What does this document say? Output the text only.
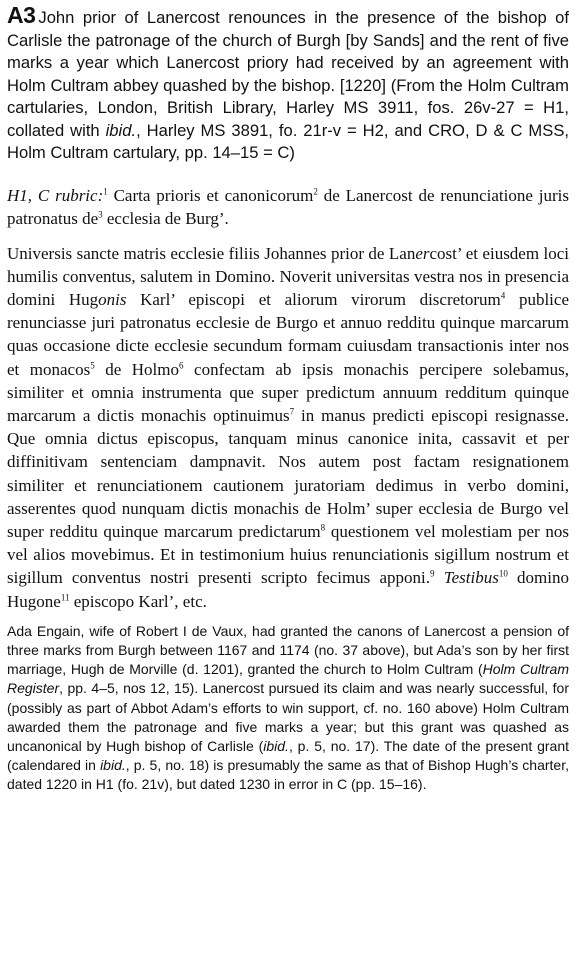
A3 John prior of Lanercost renounces in the presence of the bishop of Carlisle the patronage of the church of Burgh [by Sands] and the rent of five marks a year which Lanercost priory had received by an agreement with Holm Cultram abbey quashed by the bishop. [1220] (From the Holm Cultram cartularies, London, British Library, Harley MS 3911, fos. 26v-27 = H1, collated with ibid., Harley MS 3891, fo. 21r-v = H2, and CRO, D & C MSS, Holm Cultram cartulary, pp. 14–15 = C)

H1, C rubric:$^1$ Carta prioris et canonicorum$^2$ de Lanercost de renunciatione juris patronatus $de^3$ ecclesia de Burg’.

Universis sancte matris ecclesie filiis Johannes prior de Lanercost’ et eiusdem loci humilis conventus, salutem in Domino. Noverit universitas vestra nos in presencia domini Hugonis Karl’ episcopi et aliorum virorum discretorum$^4$ publice renunciasse juri patronatus ecclesie de Burgo et annuo redditu quinque marcarum quas occasione dicte ecclesie secundum formam cuiusdam transactionis inter nos et monacos$^5$ de Holmo$^6$ confectam ab ipsis monachis percipere solebamus, similiter et omnia instrumenta que super predictum annuum redditum quinque marcarum a dictis monachis optinuimus$^7$ in manus predicti episcopi resignasse. Que omnia dictus episcopus, tanquam minus canonice inita, cassavit et per diffinitivam sentenciam dampnavit. Nos autem post factam resignationem similiter et renunciationem cautionem juratoriam dedimus in verbo domini, asserentes quod nunquam dictis monachis de Holm’ super ecclesia de Burgo vel super redditu quinque marcarum predictarum$^8$ questionem vel molestiam per nos vel alios movebimus. Et in testimonium huius renunciationis sigillum nostrum et sigillum conventus nostri presenti scripto fecimus apponi.$^9$ Testibus$^{10}$ domino Hugone$^{11}$ episcopo Karl’, etc.

Ada Engain, wife of Robert I de Vaux, had granted the canons of Lanercost a pension of three marks from Burgh between 1167 and 1174 (no. 37 above), but Ada’s son by her first marriage, Hugh de Morville (d. 1201), granted the church to Holm Cultram (Holm Cultram Register, pp. 4–5, nos 12, 15). Lanercost pursued its claim and was nearly successful, for (possibly as part of Abbot Adam’s efforts to win support, cf. no. 160 above) Holm Cultram awarded them the patronage and five marks a year; but this grant was quashed as uncanonical by Hugh bishop of Carlisle (ibid., p. 5, no. 17). The date of the present grant (calendared in ibid., p. 5, no. 18) is presumably the same as that of Bishop Hugh’s charter, dated 1220 in H1 (fo. 21v), but dated 1230 in error in C (pp. 15–16).
